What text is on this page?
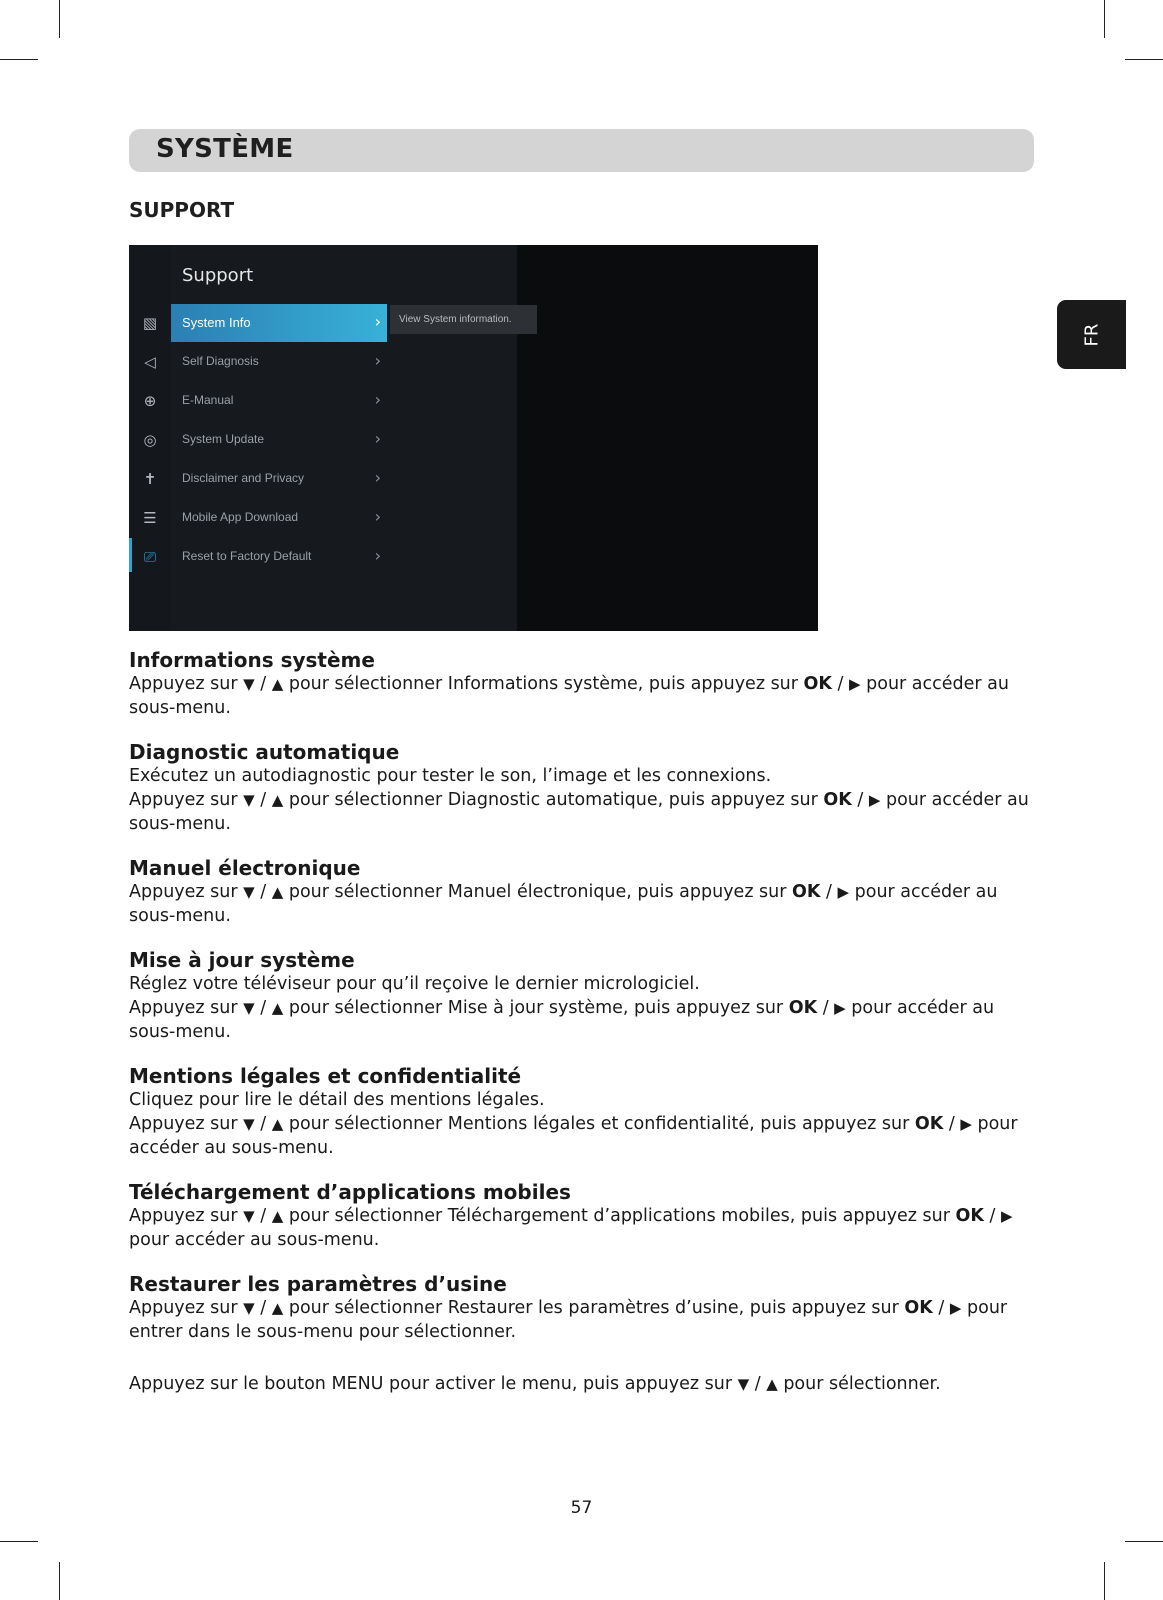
SYSTÈME
SUPPORT
FR
▧
◁
⊕
◎
✝
☰
⎚
Support
System Info	›
Self Diagnosis	›
E-Manual	›
System Update	›
Disclaimer and Privacy	›
Mobile App Download	›
Reset to Factory Default	›
View System information.
Informations système

Appuyez sur ▼ / ▲ pour sélectionner Informations système, puis appuyez sur OK / ▶ pour accéder au sous-menu.

Diagnostic automatique

Exécutez un autodiagnostic pour tester le son, l’image et les connexions.

Appuyez sur ▼ / ▲ pour sélectionner Diagnostic automatique, puis appuyez sur OK / ▶ pour accéder au sous-menu.

Manuel électronique

Appuyez sur ▼ / ▲ pour sélectionner Manuel électronique, puis appuyez sur OK / ▶ pour accéder au sous-menu.

Mise à jour système

Réglez votre téléviseur pour qu’il reçoive le dernier micrologiciel.

Appuyez sur ▼ / ▲ pour sélectionner Mise à jour système, puis appuyez sur OK / ▶ pour accéder au sous-menu.

Mentions légales et confidentialité

Cliquez pour lire le détail des mentions légales.

Appuyez sur ▼ / ▲ pour sélectionner Mentions légales et confidentialité, puis appuyez sur OK / ▶ pour accéder au sous-menu.

Téléchargement d’applications mobiles

Appuyez sur ▼ / ▲ pour sélectionner Téléchargement d’applications mobiles, puis appuyez sur OK / ▶ pour accéder au sous-menu.

Restaurer les paramètres d’usine

Appuyez sur ▼ / ▲ pour sélectionner Restaurer les paramètres d’usine, puis appuyez sur OK / ▶ pour entrer dans le sous-menu pour sélectionner.

Appuyez sur le bouton MENU pour activer le menu, puis appuyez sur ▼ / ▲ pour sélectionner.

57
